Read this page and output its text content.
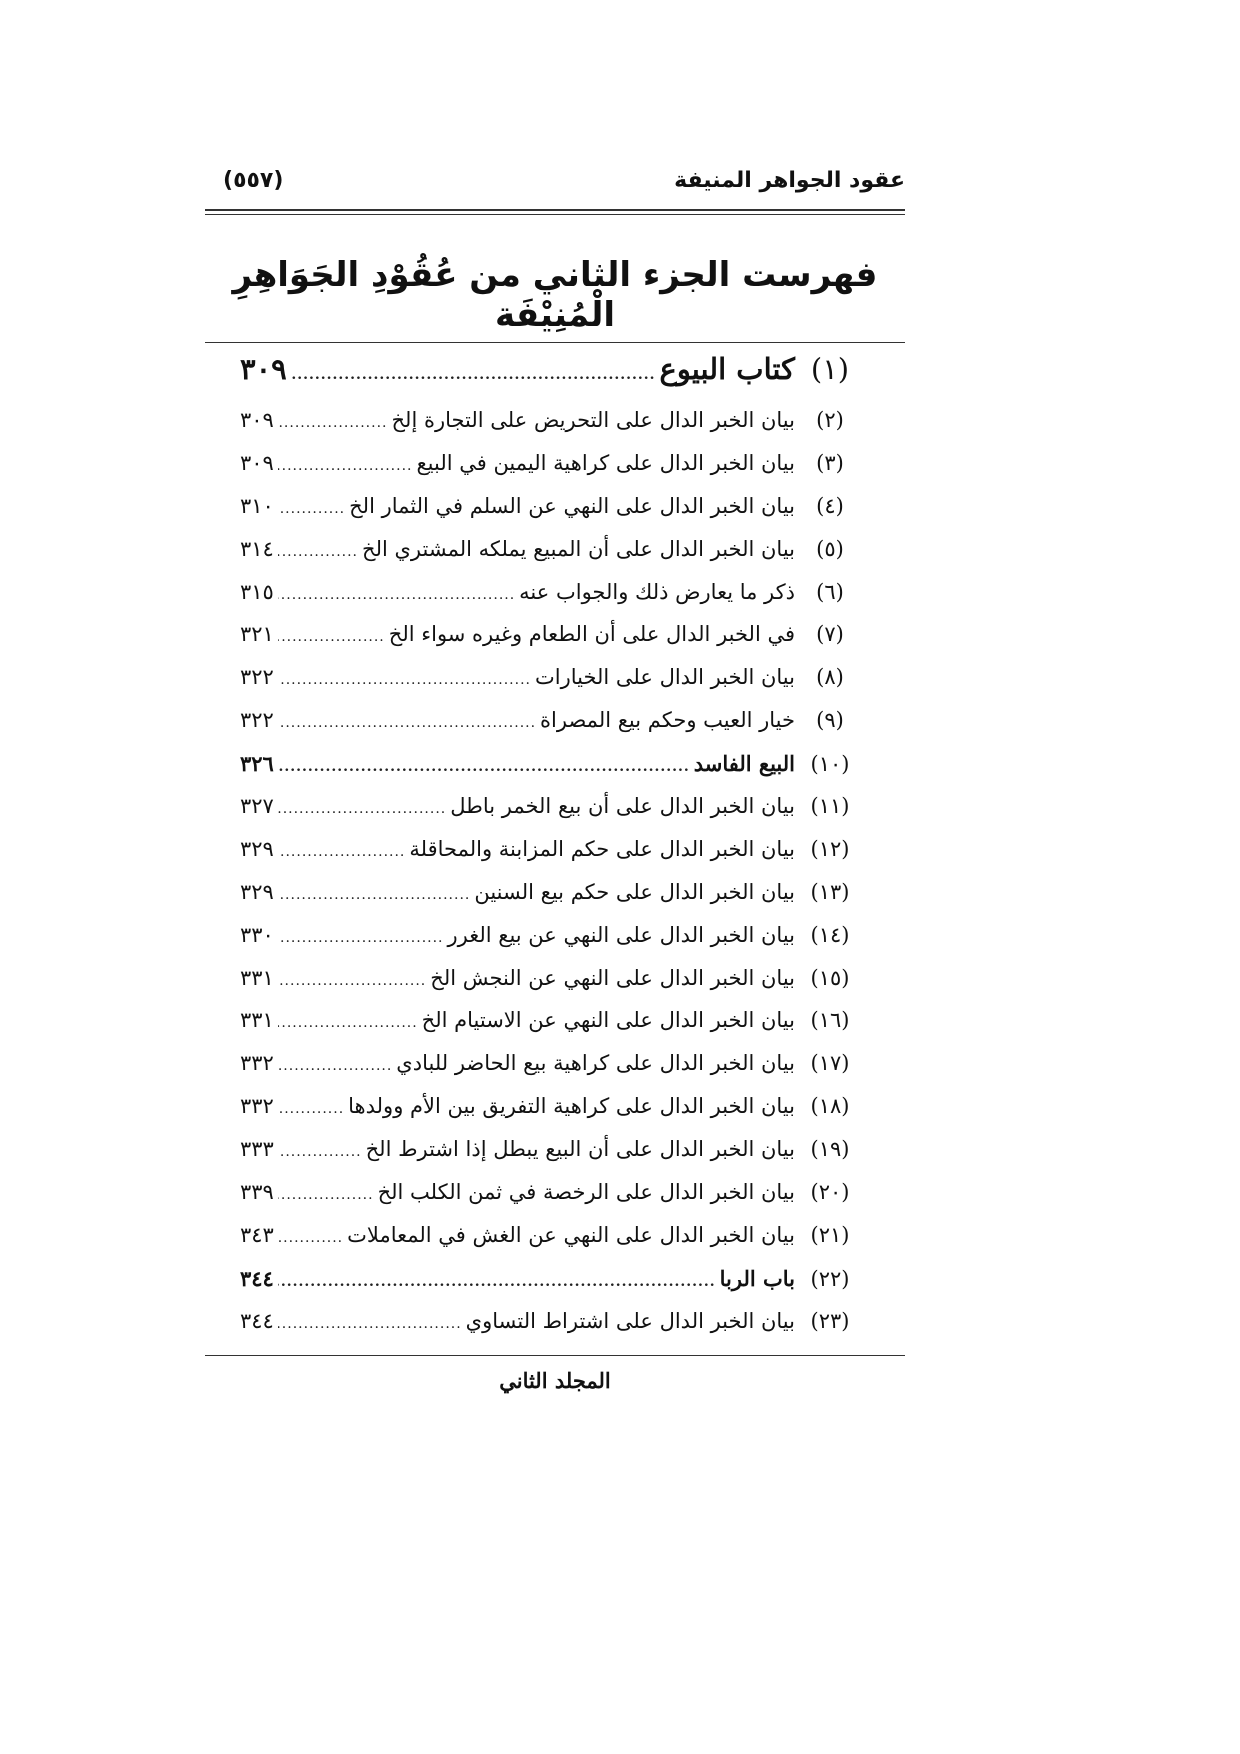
عقود الجواهر المنيفة
(٥٥٧)
فهرست الجزء الثاني من عُقُوْدِ الجَوَاهِرِ الْمُنِيْفَة
(١)
كتاب البيوع
.....
٣٠٩
(٢)
بيان الخبر الدال على التحريض على التجارة إلخ
.....
٣٠٩
(٣)
بيان الخبر الدال على كراهية اليمين في البيع
.....
٣٠٩
(٤)
بيان الخبر الدال على النهي عن السلم في الثمار الخ
.....
٣١٠
(٥)
بيان الخبر الدال على أن المبيع يملكه المشتري الخ
.....
٣١٤
(٦)
ذكر ما يعارض ذلك والجواب عنه
.....
٣١٥
(٧)
في الخبر الدال على أن الطعام وغيره سواء الخ
.....
٣٢١
(٨)
بيان الخبر الدال على الخيارات
.....
٣٢٢
(٩)
خيار العيب وحكم بيع المصراة
.....
٣٢٢
(١٠)
البيع الفاسد
.....
٣٢٦
(١١)
بيان الخبر الدال على أن بيع الخمر باطل
.....
٣٢٧
(١٢)
بيان الخبر الدال على حكم المزابنة والمحاقلة
.....
٣٢٩
(١٣)
بيان الخبر الدال على حكم بيع السنين
.....
٣٢٩
(١٤)
بيان الخبر الدال على النهي عن بيع الغرر
.....
٣٣٠
(١٥)
بيان الخبر الدال على النهي عن النجش الخ
.....
٣٣١
(١٦)
بيان الخبر الدال على النهي عن الاستيام الخ
.....
٣٣١
(١٧)
بيان الخبر الدال على كراهية بيع الحاضر للبادي
.....
٣٣٢
(١٨)
بيان الخبر الدال على كراهية التفريق بين الأم وولدها
.....
٣٣٢
(١٩)
بيان الخبر الدال على أن البيع يبطل إذا اشترط الخ
.....
٣٣٣
(٢٠)
بيان الخبر الدال على الرخصة في ثمن الكلب الخ
.....
٣٣٩
(٢١)
بيان الخبر الدال على النهي عن الغش في المعاملات
.....
٣٤٣
(٢٢)
باب الربا
.....
٣٤٤
(٢٣)
بيان الخبر الدال على اشتراط التساوي
.....
٣٤٤
المجلد الثاني
